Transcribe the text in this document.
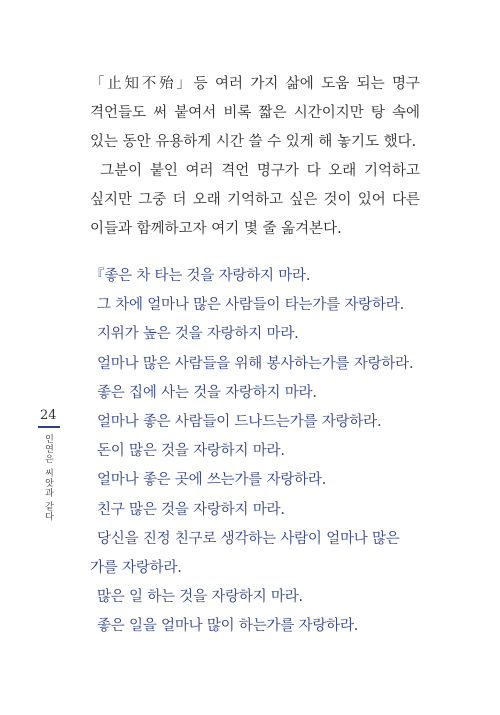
「止知不殆」등 여러 가지 삶에 도움 되는 명구 격언들도 써 붙여서 비록 짧은 시간이지만 탕 속에 있는 동안 유용하게 시간 쓸 수 있게 해 놓기도 했다.

그분이 붙인 여러 격언 명구가 다 오래 기억하고 싶지만 그중 더 오래 기억하고 싶은 것이 있어 다른 이들과 함께하고자 여기 몇 줄 옮겨본다.

『좋은 차 타는 것을 자랑하지 마라.
그 차에 얼마나 많은 사람들이 타는가를 자랑하라.
지위가 높은 것을 자랑하지 마라.
얼마나 많은 사람들을 위해 봉사하는가를 자랑하라.
좋은 집에 사는 것을 자랑하지 마라.
얼마나 좋은 사람들이 드나드는가를 자랑하라.
돈이 많은 것을 자랑하지 마라.
얼마나 좋은 곳에 쓰는가를 자랑하라.
친구 많은 것을 자랑하지 마라.
당신을 진정 친구로 생각하는 사람이 얼마나 많은
가를 자랑하라.
많은 일 하는 것을 자랑하지 마라.
좋은 일을 얼마나 많이 하는가를 자랑하라.
24
인연은 씨앗과 같다
